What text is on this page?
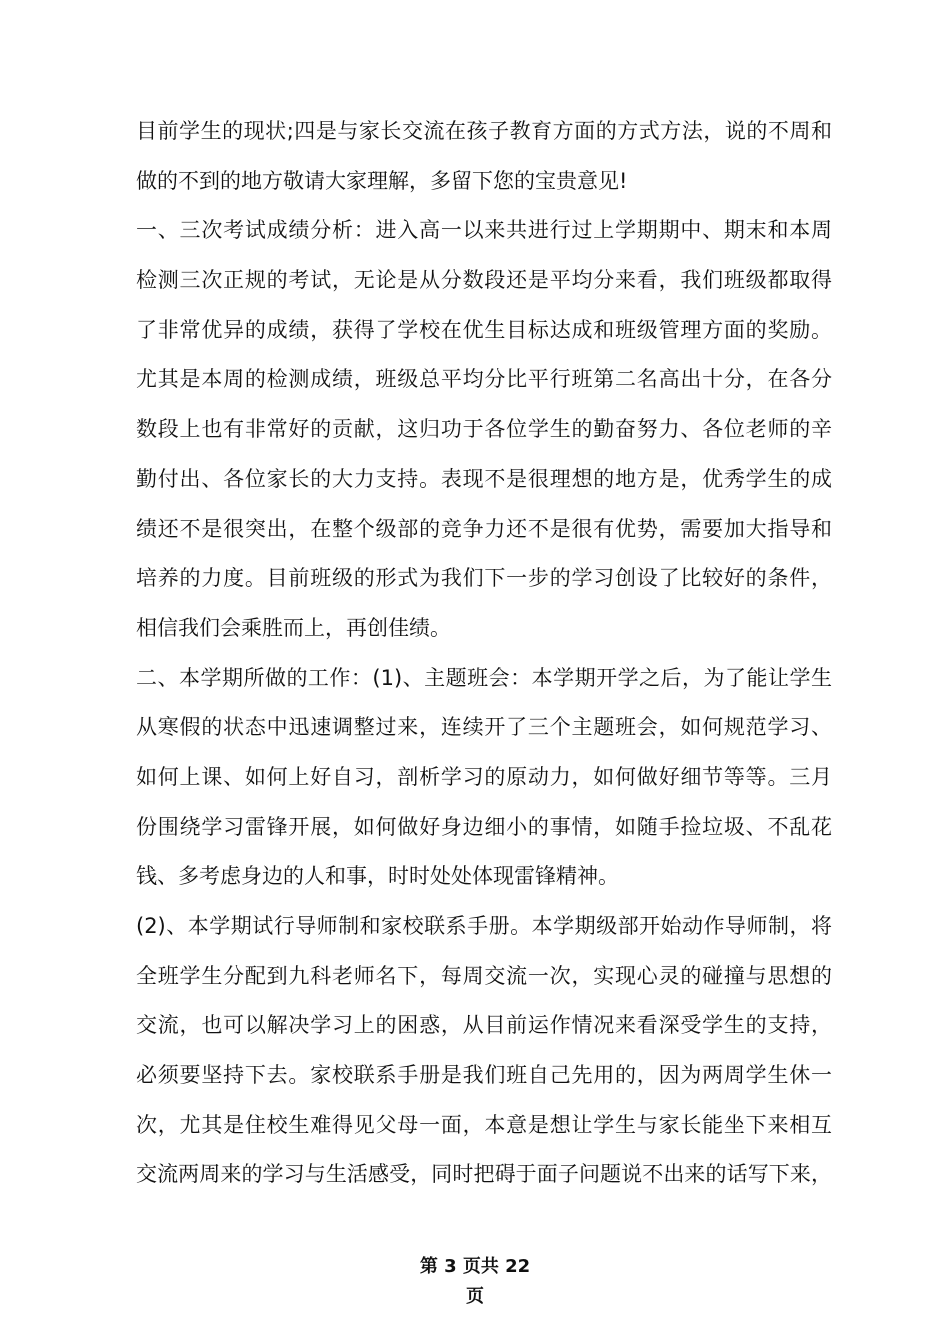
目前学生的现状;四是与家长交流在孩子教育方面的方式方法，说的不周和
做的不到的地方敬请大家理解，多留下您的宝贵意见!
一、三次考试成绩分析：进入高一以来共进行过上学期期中、期末和本周
检测三次正规的考试，无论是从分数段还是平均分来看，我们班级都取得
了非常优异的成绩，获得了学校在优生目标达成和班级管理方面的奖励。
尤其是本周的检测成绩，班级总平均分比平行班第二名高出十分，在各分
数段上也有非常好的贡献，这归功于各位学生的勤奋努力、各位老师的辛
勤付出、各位家长的大力支持。表现不是很理想的地方是，优秀学生的成
绩还不是很突出，在整个级部的竞争力还不是很有优势，需要加大指导和
培养的力度。目前班级的形式为我们下一步的学习创设了比较好的条件，
相信我们会乘胜而上，再创佳绩。
二、本学期所做的工作：(1)、主题班会：本学期开学之后，为了能让学生
从寒假的状态中迅速调整过来，连续开了三个主题班会，如何规范学习、
如何上课、如何上好自习，剖析学习的原动力，如何做好细节等等。三月
份围绕学习雷锋开展，如何做好身边细小的事情，如随手捡垃圾、不乱花
钱、多考虑身边的人和事，时时处处体现雷锋精神。
(2)、本学期试行导师制和家校联系手册。本学期级部开始动作导师制，将
全班学生分配到九科老师名下，每周交流一次，实现心灵的碰撞与思想的
交流，也可以解决学习上的困惑，从目前运作情况来看深受学生的支持，
必须要坚持下去。家校联系手册是我们班自己先用的，因为两周学生休一
次，尤其是住校生难得见父母一面，本意是想让学生与家长能坐下来相互
交流两周来的学习与生活感受，同时把碍于面子问题说不出来的话写下来，
第 3 页共 22
页
